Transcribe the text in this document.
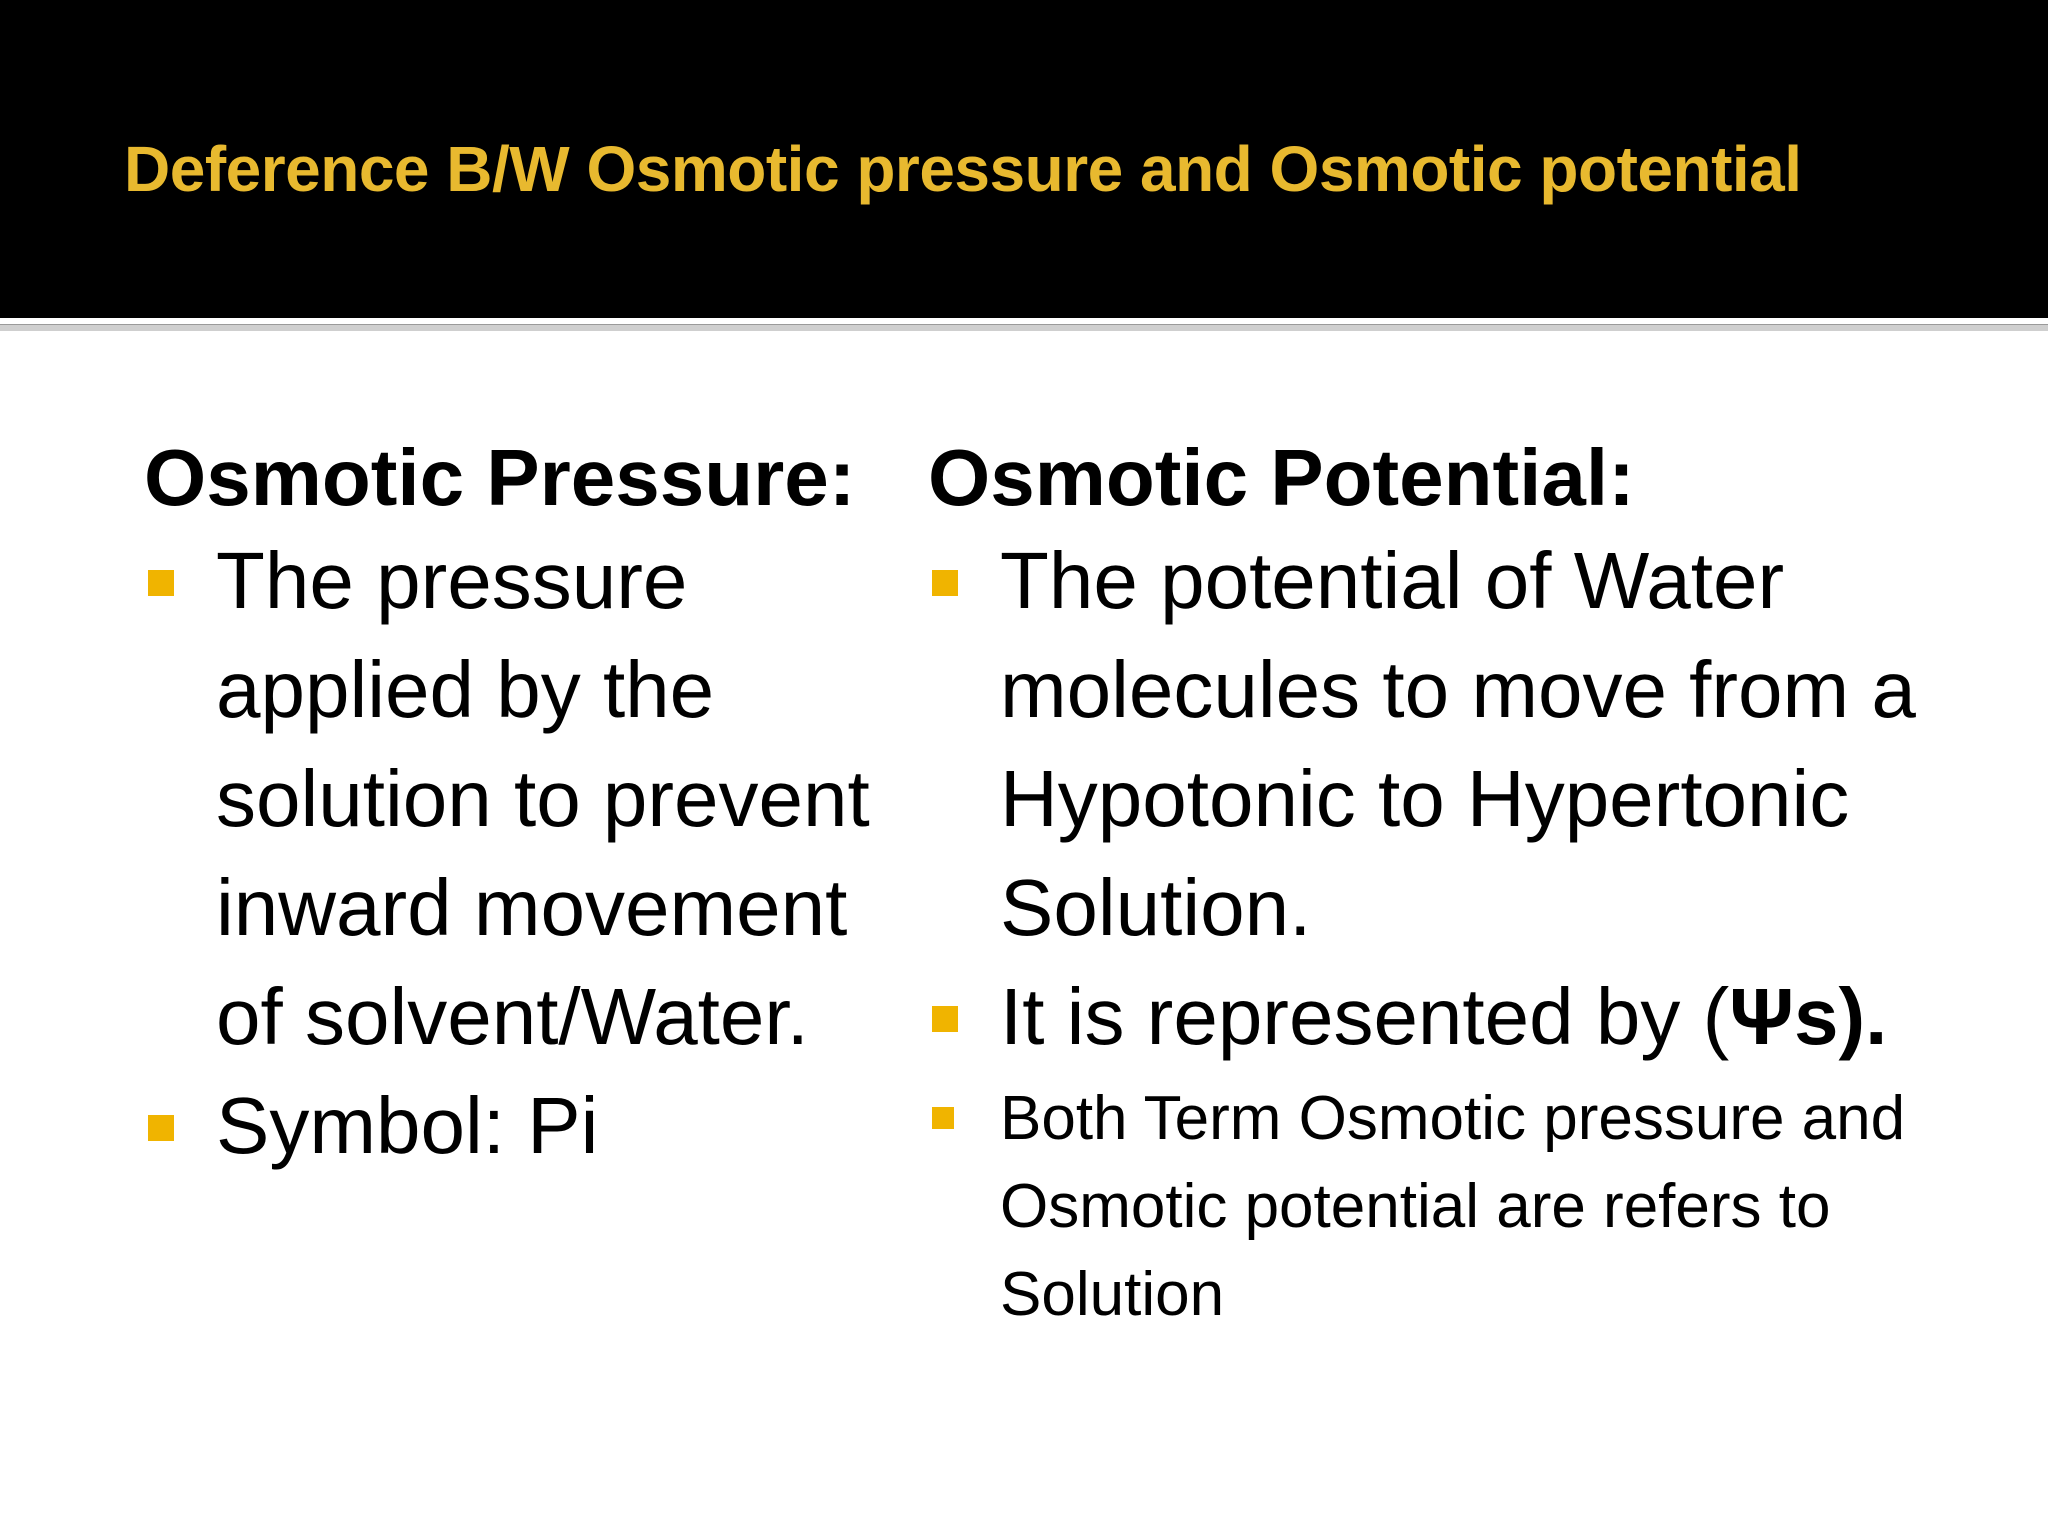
Deference B/W Osmotic pressure and Osmotic potential
Osmotic Pressure:
The pressure applied by the solution to prevent inward movement of solvent/Water.
Symbol: Pi
Osmotic Potential:
The potential of Water molecules to move from a Hypotonic to Hypertonic Solution.
It is represented by (Ψs).
Both Term Osmotic pressure and Osmotic potential are refers to Solution
